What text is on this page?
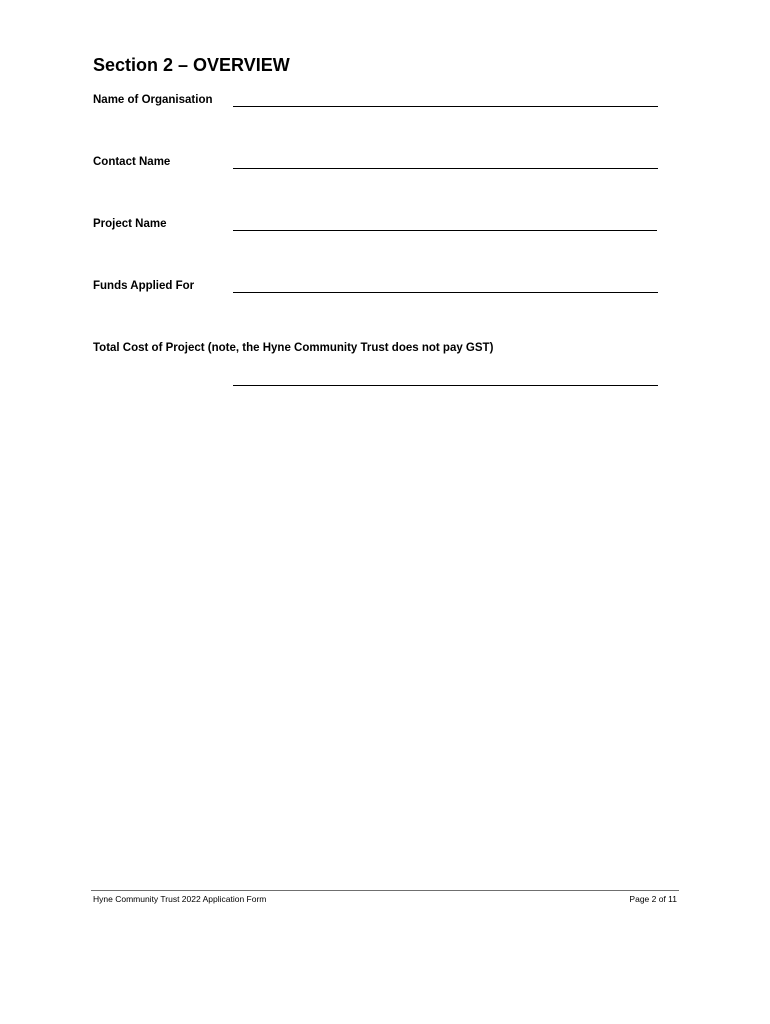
Section 2 – OVERVIEW
Name of Organisation
Contact Name
Project Name
Funds Applied For
Total Cost of Project (note, the Hyne Community Trust does not pay GST)
Hyne Community Trust 2022 Application Form	Page 2 of 11
